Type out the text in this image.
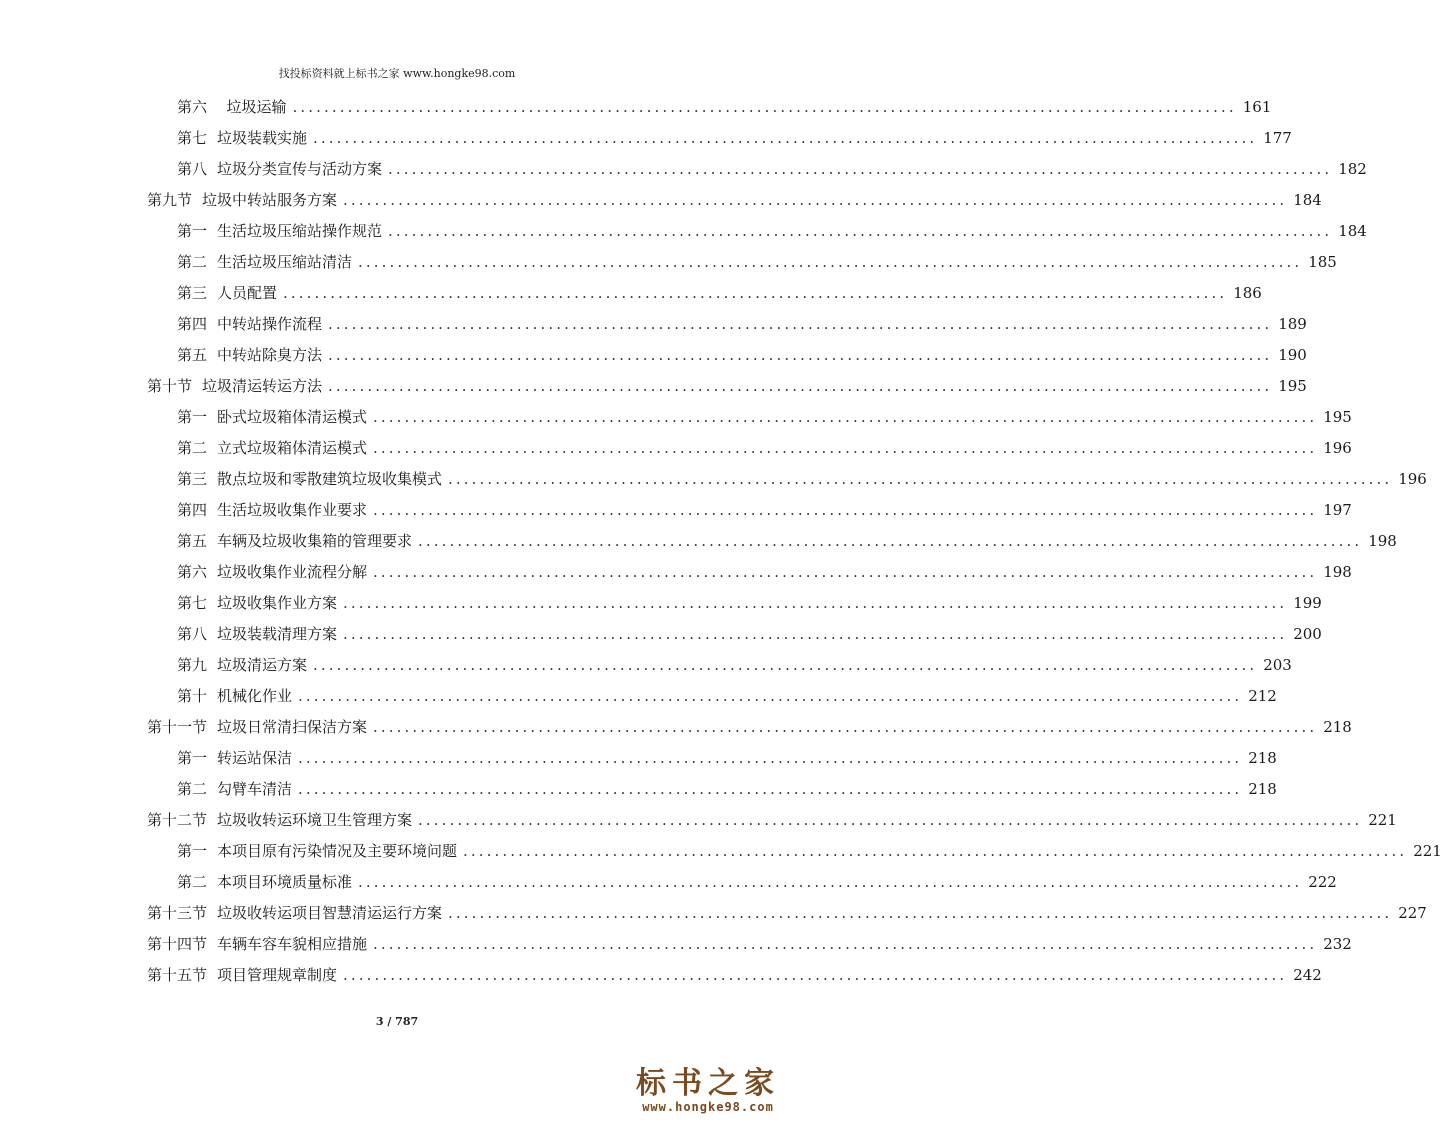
找投标资料就上标书之家 www.hongke98.com
第六 垃圾运输 ........................................................................................................................ 161
第七 垃圾装载实施 ........................................................................................................................ 177
第八 垃圾分类宣传与活动方案 ........................................................................................................................ 182
第九节 垃圾中转站服务方案 ........................................................................................................................ 184
第一 生活垃圾压缩站操作规范 ........................................................................................................................ 184
第二 生活垃圾压缩站清洁 ........................................................................................................................ 185
第三 人员配置 ........................................................................................................................ 186
第四 中转站操作流程 ........................................................................................................................ 189
第五 中转站除臭方法 ........................................................................................................................ 190
第十节 垃圾清运转运方法 ........................................................................................................................ 195
第一 卧式垃圾箱体清运模式 ........................................................................................................................ 195
第二 立式垃圾箱体清运模式 ........................................................................................................................ 196
第三 散点垃圾和零散建筑垃圾收集模式 ........................................................................................................................ 196
第四 生活垃圾收集作业要求 ........................................................................................................................ 197
第五 车辆及垃圾收集箱的管理要求 ........................................................................................................................ 198
第六 垃圾收集作业流程分解 ........................................................................................................................ 198
第七 垃圾收集作业方案 ........................................................................................................................ 199
第八 垃圾装载清理方案 ........................................................................................................................ 200
第九 垃圾清运方案 ........................................................................................................................ 203
第十 机械化作业 ........................................................................................................................ 212
第十一节 垃圾日常清扫保洁方案 ........................................................................................................................ 218
第一 转运站保洁 ........................................................................................................................ 218
第二 勾臂车清洁 ........................................................................................................................ 218
第十二节 垃圾收转运环境卫生管理方案 ........................................................................................................................ 221
第一 本项目原有污染情况及主要环境问题 ........................................................................................................................ 221
第二 本项目环境质量标准 ........................................................................................................................ 222
第十三节 垃圾收转运项目智慧清运运行方案 ........................................................................................................................ 227
第十四节 车辆车容车貌相应措施 ........................................................................................................................ 232
第十五节 项目管理规章制度 ........................................................................................................................ 242
3 / 787
标书之家
www.hongke98.com
